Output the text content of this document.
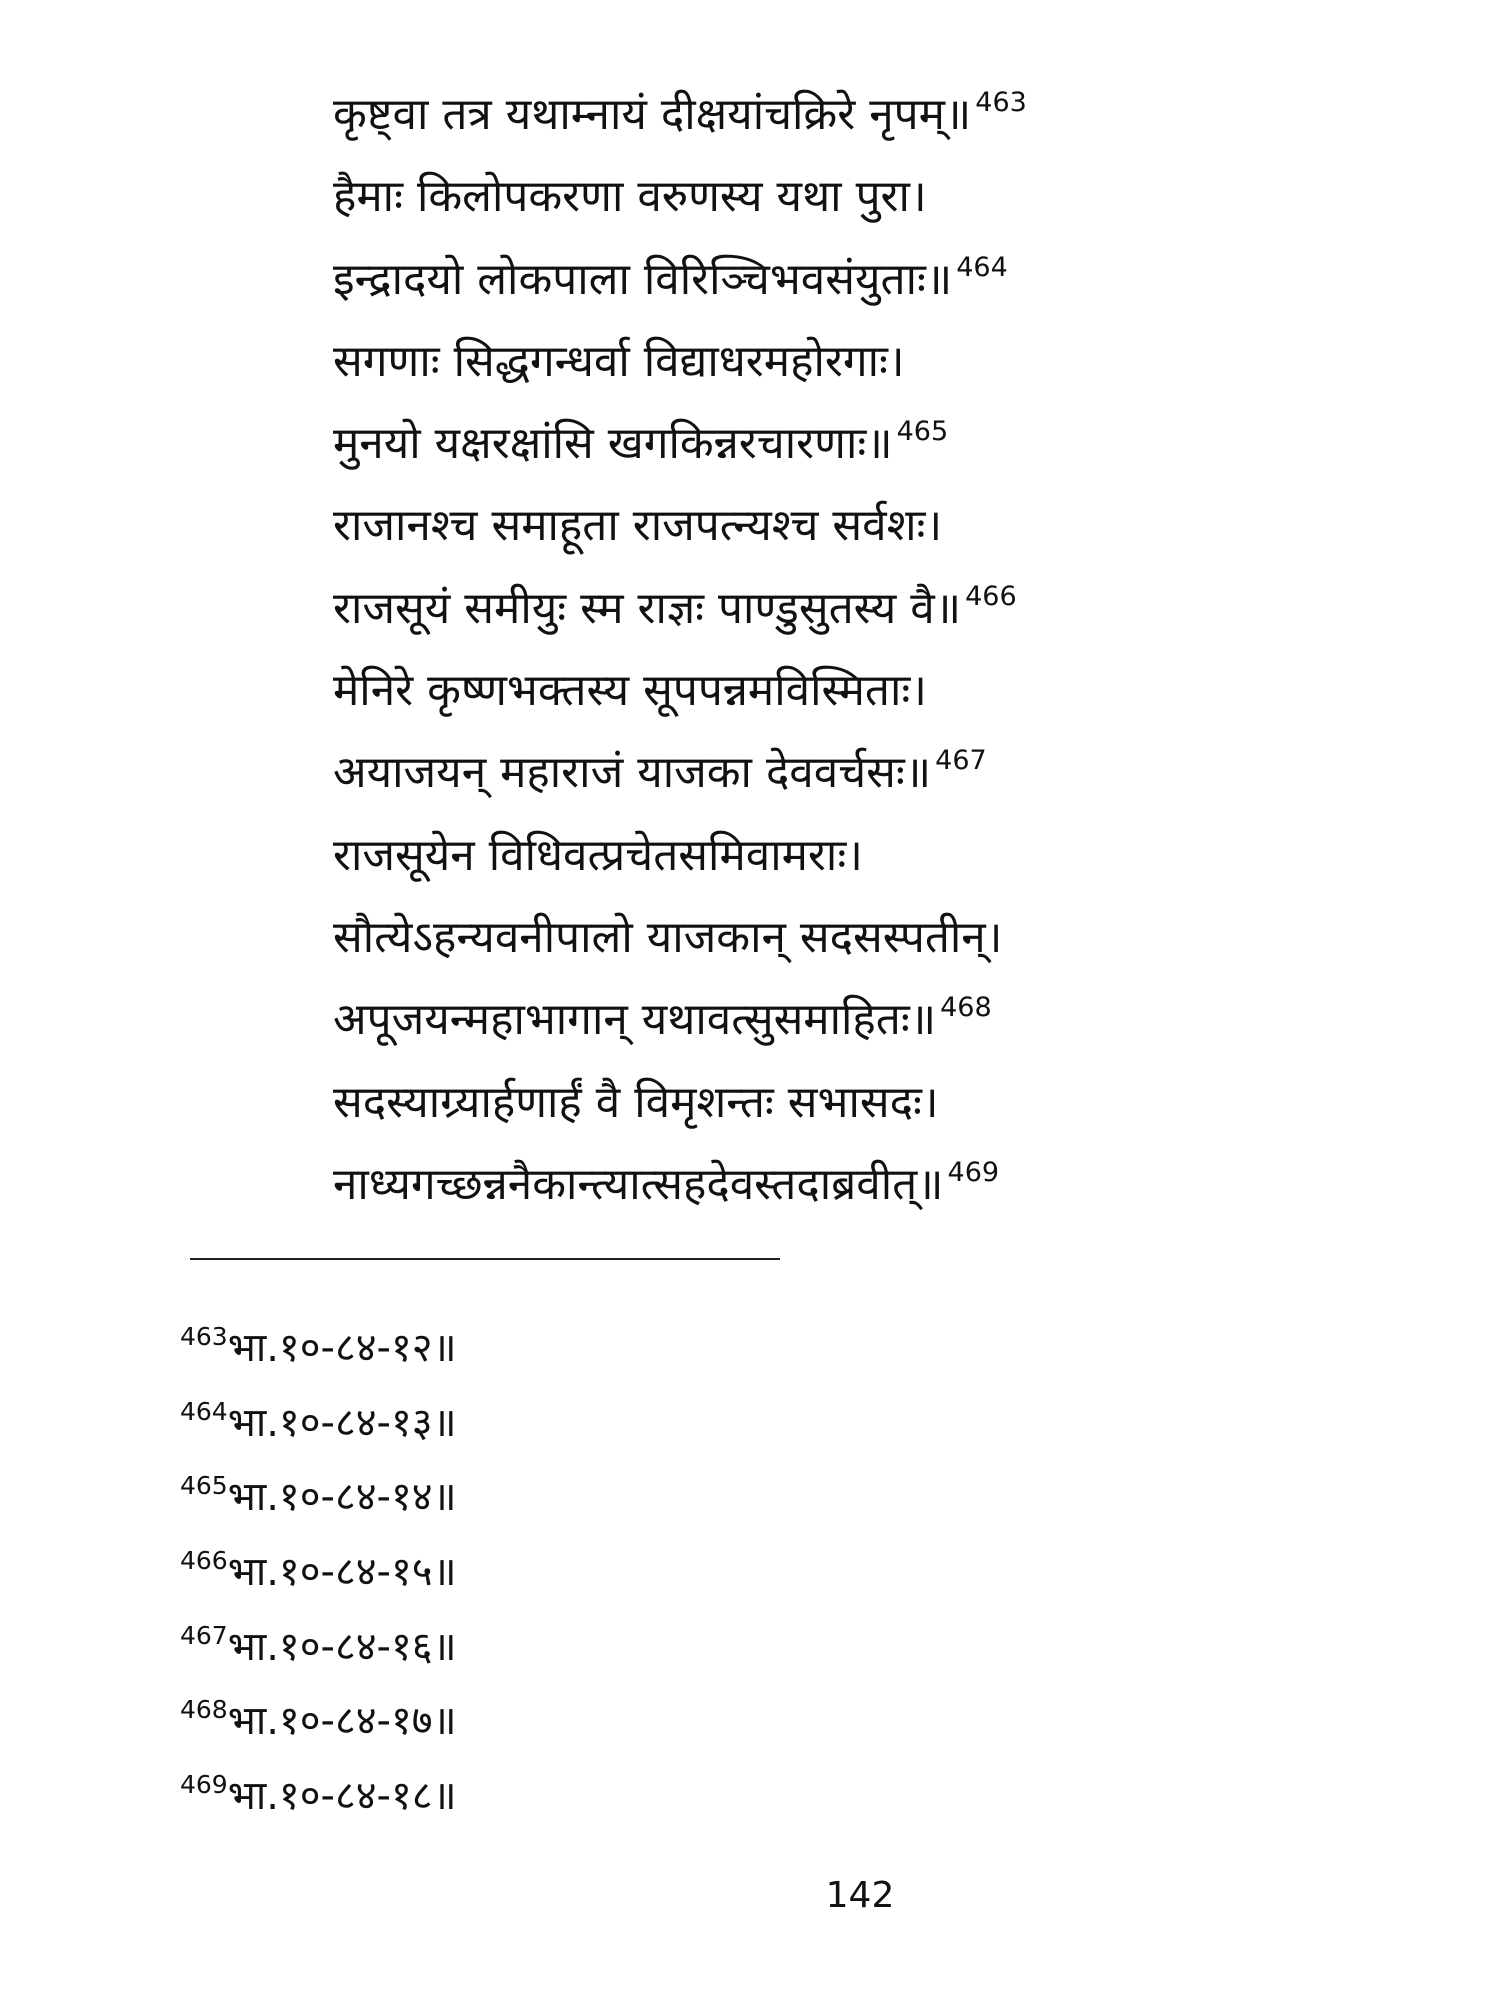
कृष्ट्वा तत्र यथाम्नायं दीक्षयांचक्रिरे नृपम्॥ $^{463}$
हैमाः किलोपकरणा वरुणस्य यथा पुरा।
इन्द्रादयो लोकपाला विरिञ्चिभवसंयुताः॥ $^{464}$
सगणाः सिद्धगन्धर्वा विद्याधरमहोरगाः।
मुनयो यक्षरक्षांसि खगकिन्नरचारणाः॥ $^{465}$
राजानश्च समाहूता राजपत्न्यश्च सर्वशः।
राजसूयं समीयुः स्म राज्ञः पाण्डुसुतस्य वै॥ $^{466}$
मेनिरे कृष्णभक्तस्य सूपपन्नमविस्मिताः।
अयाजयन् महाराजं याजका देववर्चसः॥ $^{467}$
राजसूयेन विधिवत्प्रचेतसमिवामराः।
सौत्येऽहन्यवनीपालो याजकान् सदसस्पतीन्।
अपूजयन्महाभागान् यथावत्सुसमाहितः॥ $^{468}$
सदस्याग्र्यार्हणार्हं वै विमृशन्तः सभासदः।
नाध्यगच्छन्ननैकान्त्यात्सहदेवस्तदाब्रवीत्॥ $^{469}$
$^{463}$भा.१०-८४-१२॥
$^{464}$भा.१०-८४-१३॥
$^{465}$भा.१०-८४-१४॥
$^{466}$भा.१०-८४-१५॥
$^{467}$भा.१०-८४-१६॥
$^{468}$भा.१०-८४-१७॥
$^{469}$भा.१०-८४-१८॥
142
